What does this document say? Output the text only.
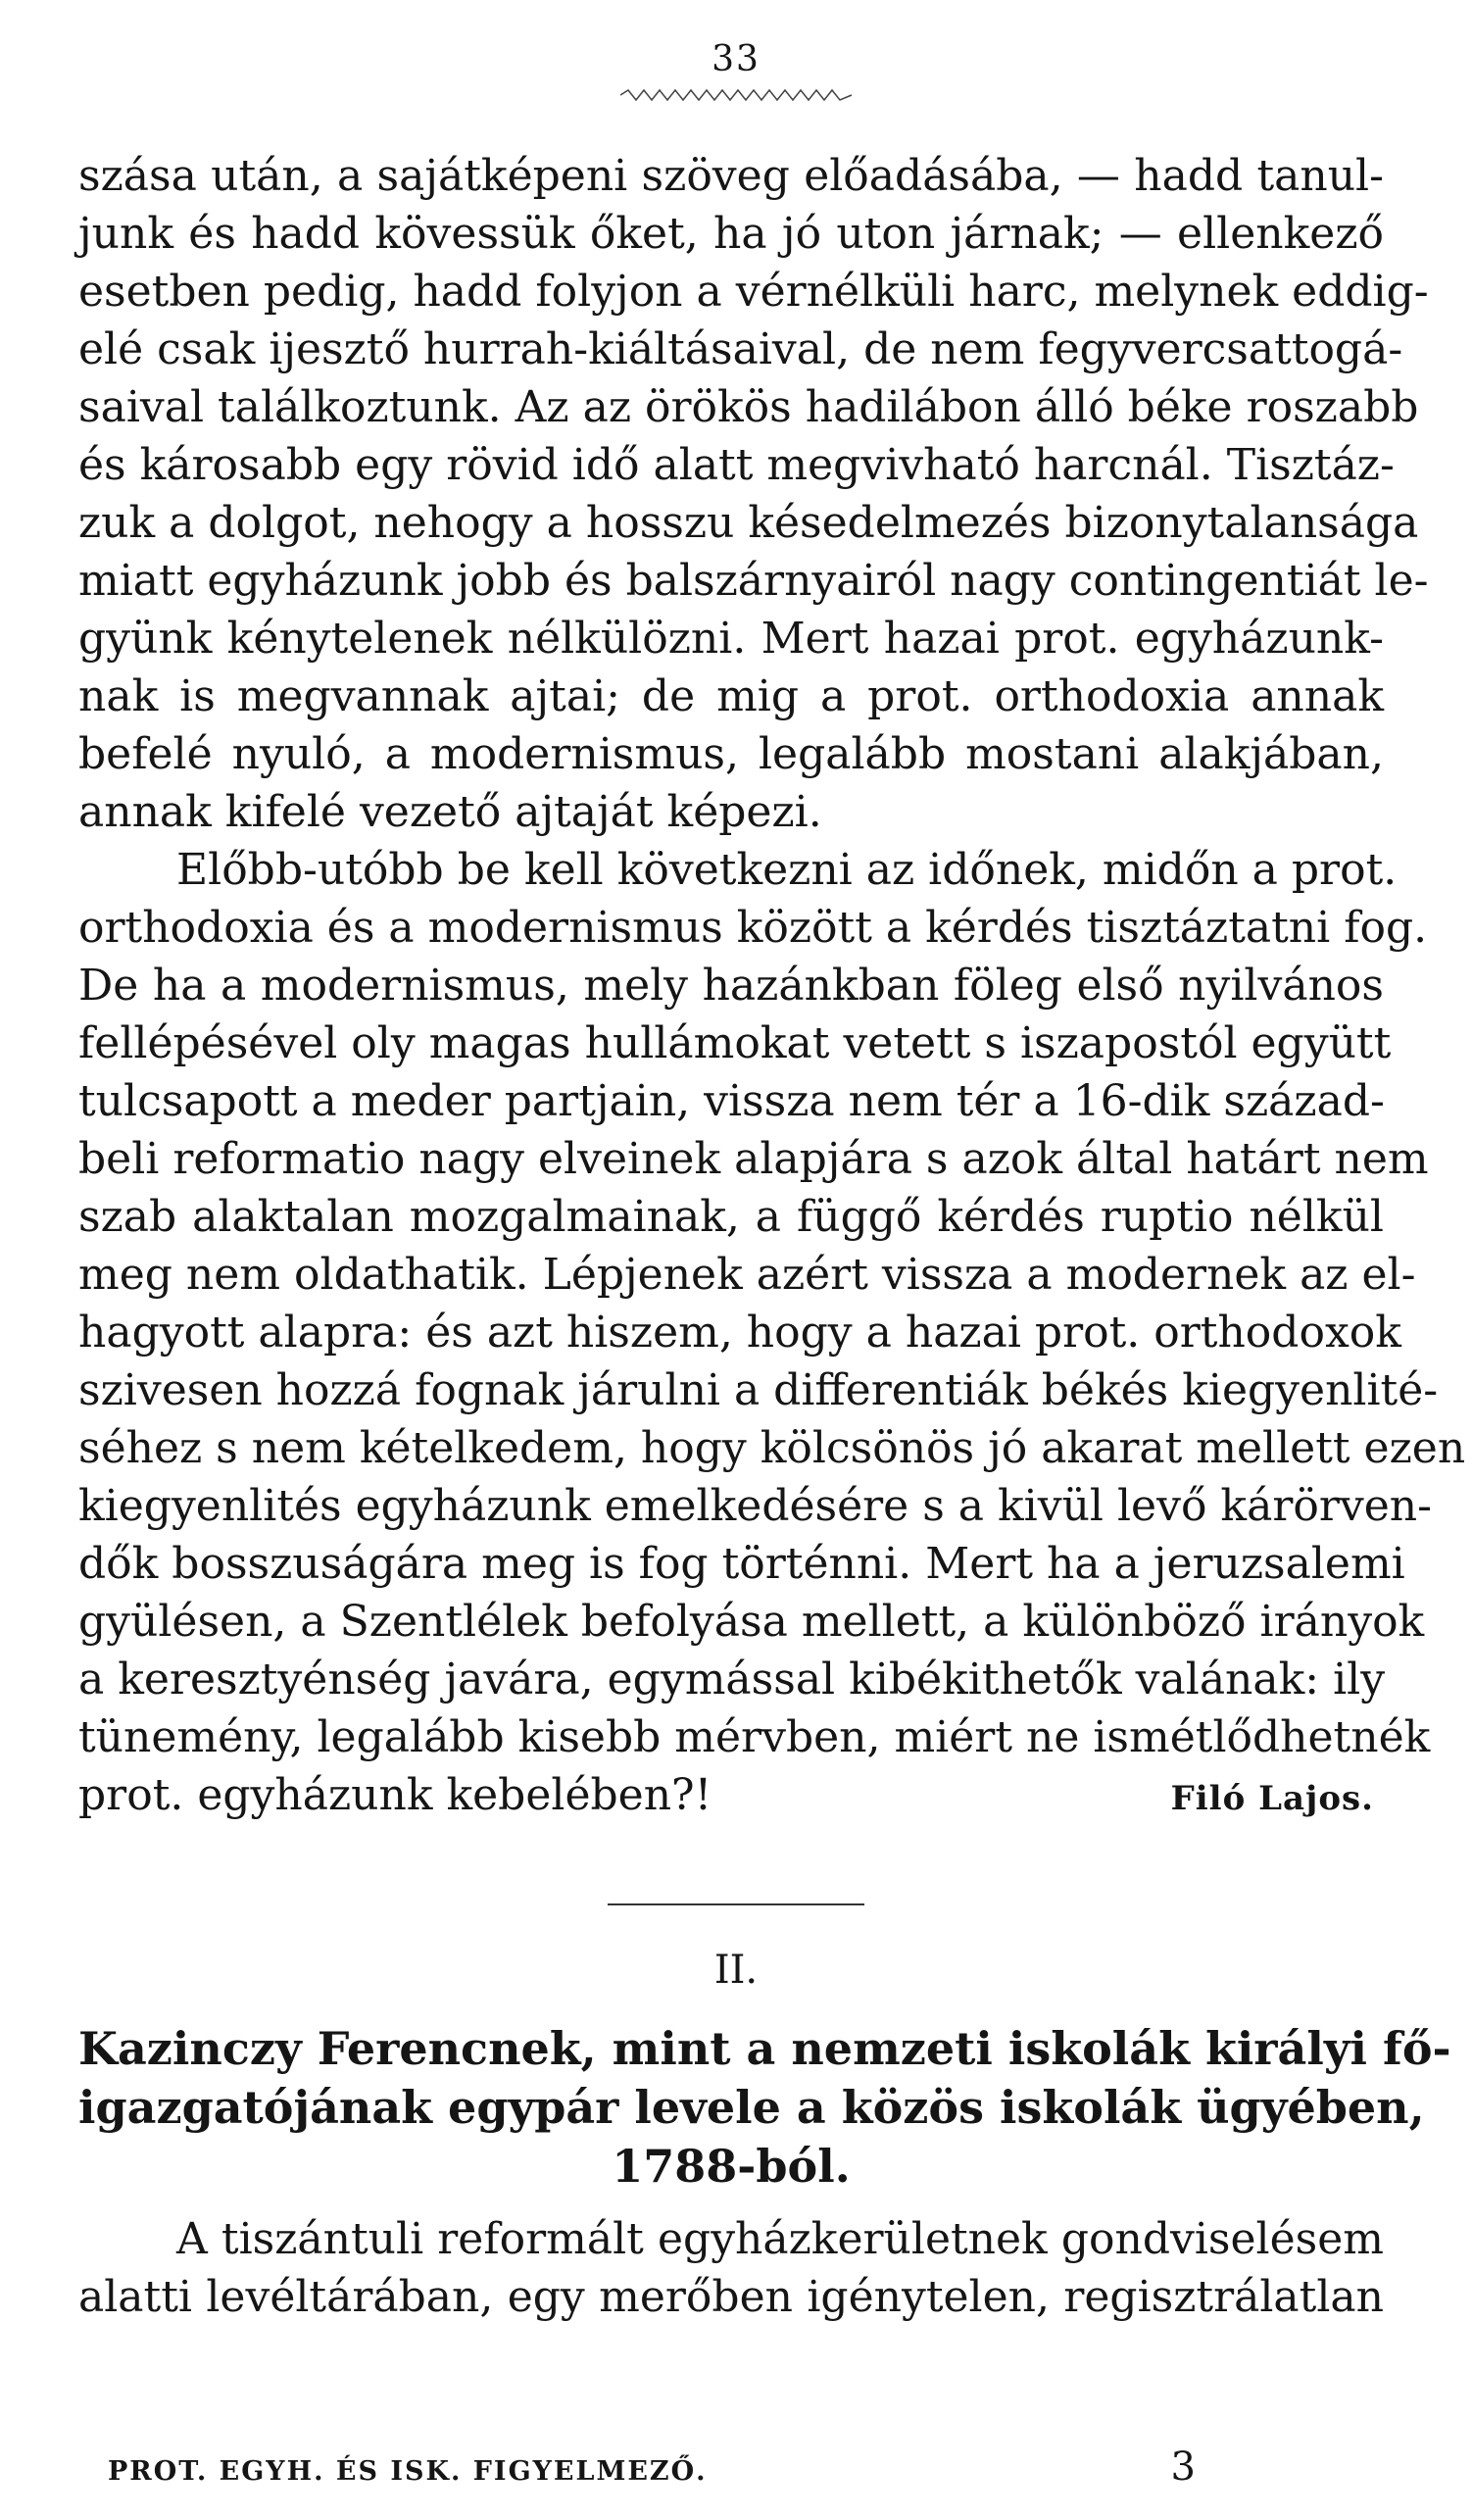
33
szása után, a sajátképeni szöveg előadásába, — hadd tanul-
junk és hadd kövessük őket, ha jó uton járnak; — ellenkező
esetben pedig, hadd folyjon a vérnélküli harc, melynek eddig-
elé csak ijesztő hurrah-kiáltásaival, de nem fegyvercsattogá-
saival találkoztunk. Az az örökös hadilábon álló béke roszabb
és károsabb egy rövid idő alatt megvivható harcnál. Tisztáz-
zuk a dolgot, nehogy a hosszu késedelmezés bizonytalansága
miatt egyházunk jobb és balszárnyairól nagy contingentiát le-
gyünk kénytelenek nélkülözni. Mert hazai prot. egyházunk-
nak is megvannak ajtai; de mig a prot. orthodoxia annak
befelé nyuló, a modernismus, legalább mostani alakjában,
annak kifelé vezető ajtaját képezi.
Előbb-utóbb be kell következni az időnek, midőn a prot.
orthodoxia és a modernismus között a kérdés tisztáztatni fog.
De ha a modernismus, mely hazánkban föleg első nyilvános
fellépésével oly magas hullámokat vetett s iszapostól együtt
tulcsapott a meder partjain, vissza nem tér a 16-dik század-
beli reformatio nagy elveinek alapjára s azok által határt nem
szab alaktalan mozgalmainak, a függő kérdés ruptio nélkül
meg nem oldathatik. Lépjenek azért vissza a modernek az el-
hagyott alapra: és azt hiszem, hogy a hazai prot. orthodoxok
szivesen hozzá fognak járulni a differentiák békés kiegyenlité-
séhez s nem kételkedem, hogy kölcsönös jó akarat mellett ezen
kiegyenlités egyházunk emelkedésére s a kivül levő kárörven-
dők bosszuságára meg is fog történni. Mert ha a jeruzsalemi
gyülésen, a Szentlélek befolyása mellett, a különböző irányok
a keresztyénség javára, egymással kibékithetők valának: ily
tünemény, legalább kisebb mérvben, miért ne ismétlődhetnék
prot. egyházunk kebelében?!	Filó Lajos.
II.
Kazinczy Ferencnek, mint a nemzeti iskolák királyi fő-
igazgatójának egypár levele a közös iskolák ügyében,
1788-ból.
A tiszántuli reformált egyházkerületnek gondviselésem
alatti levéltárában, egy merőben igénytelen, regisztrálatlan
PROT. EGYH. ÉS ISK. FIGYELMEZŐ.	3
